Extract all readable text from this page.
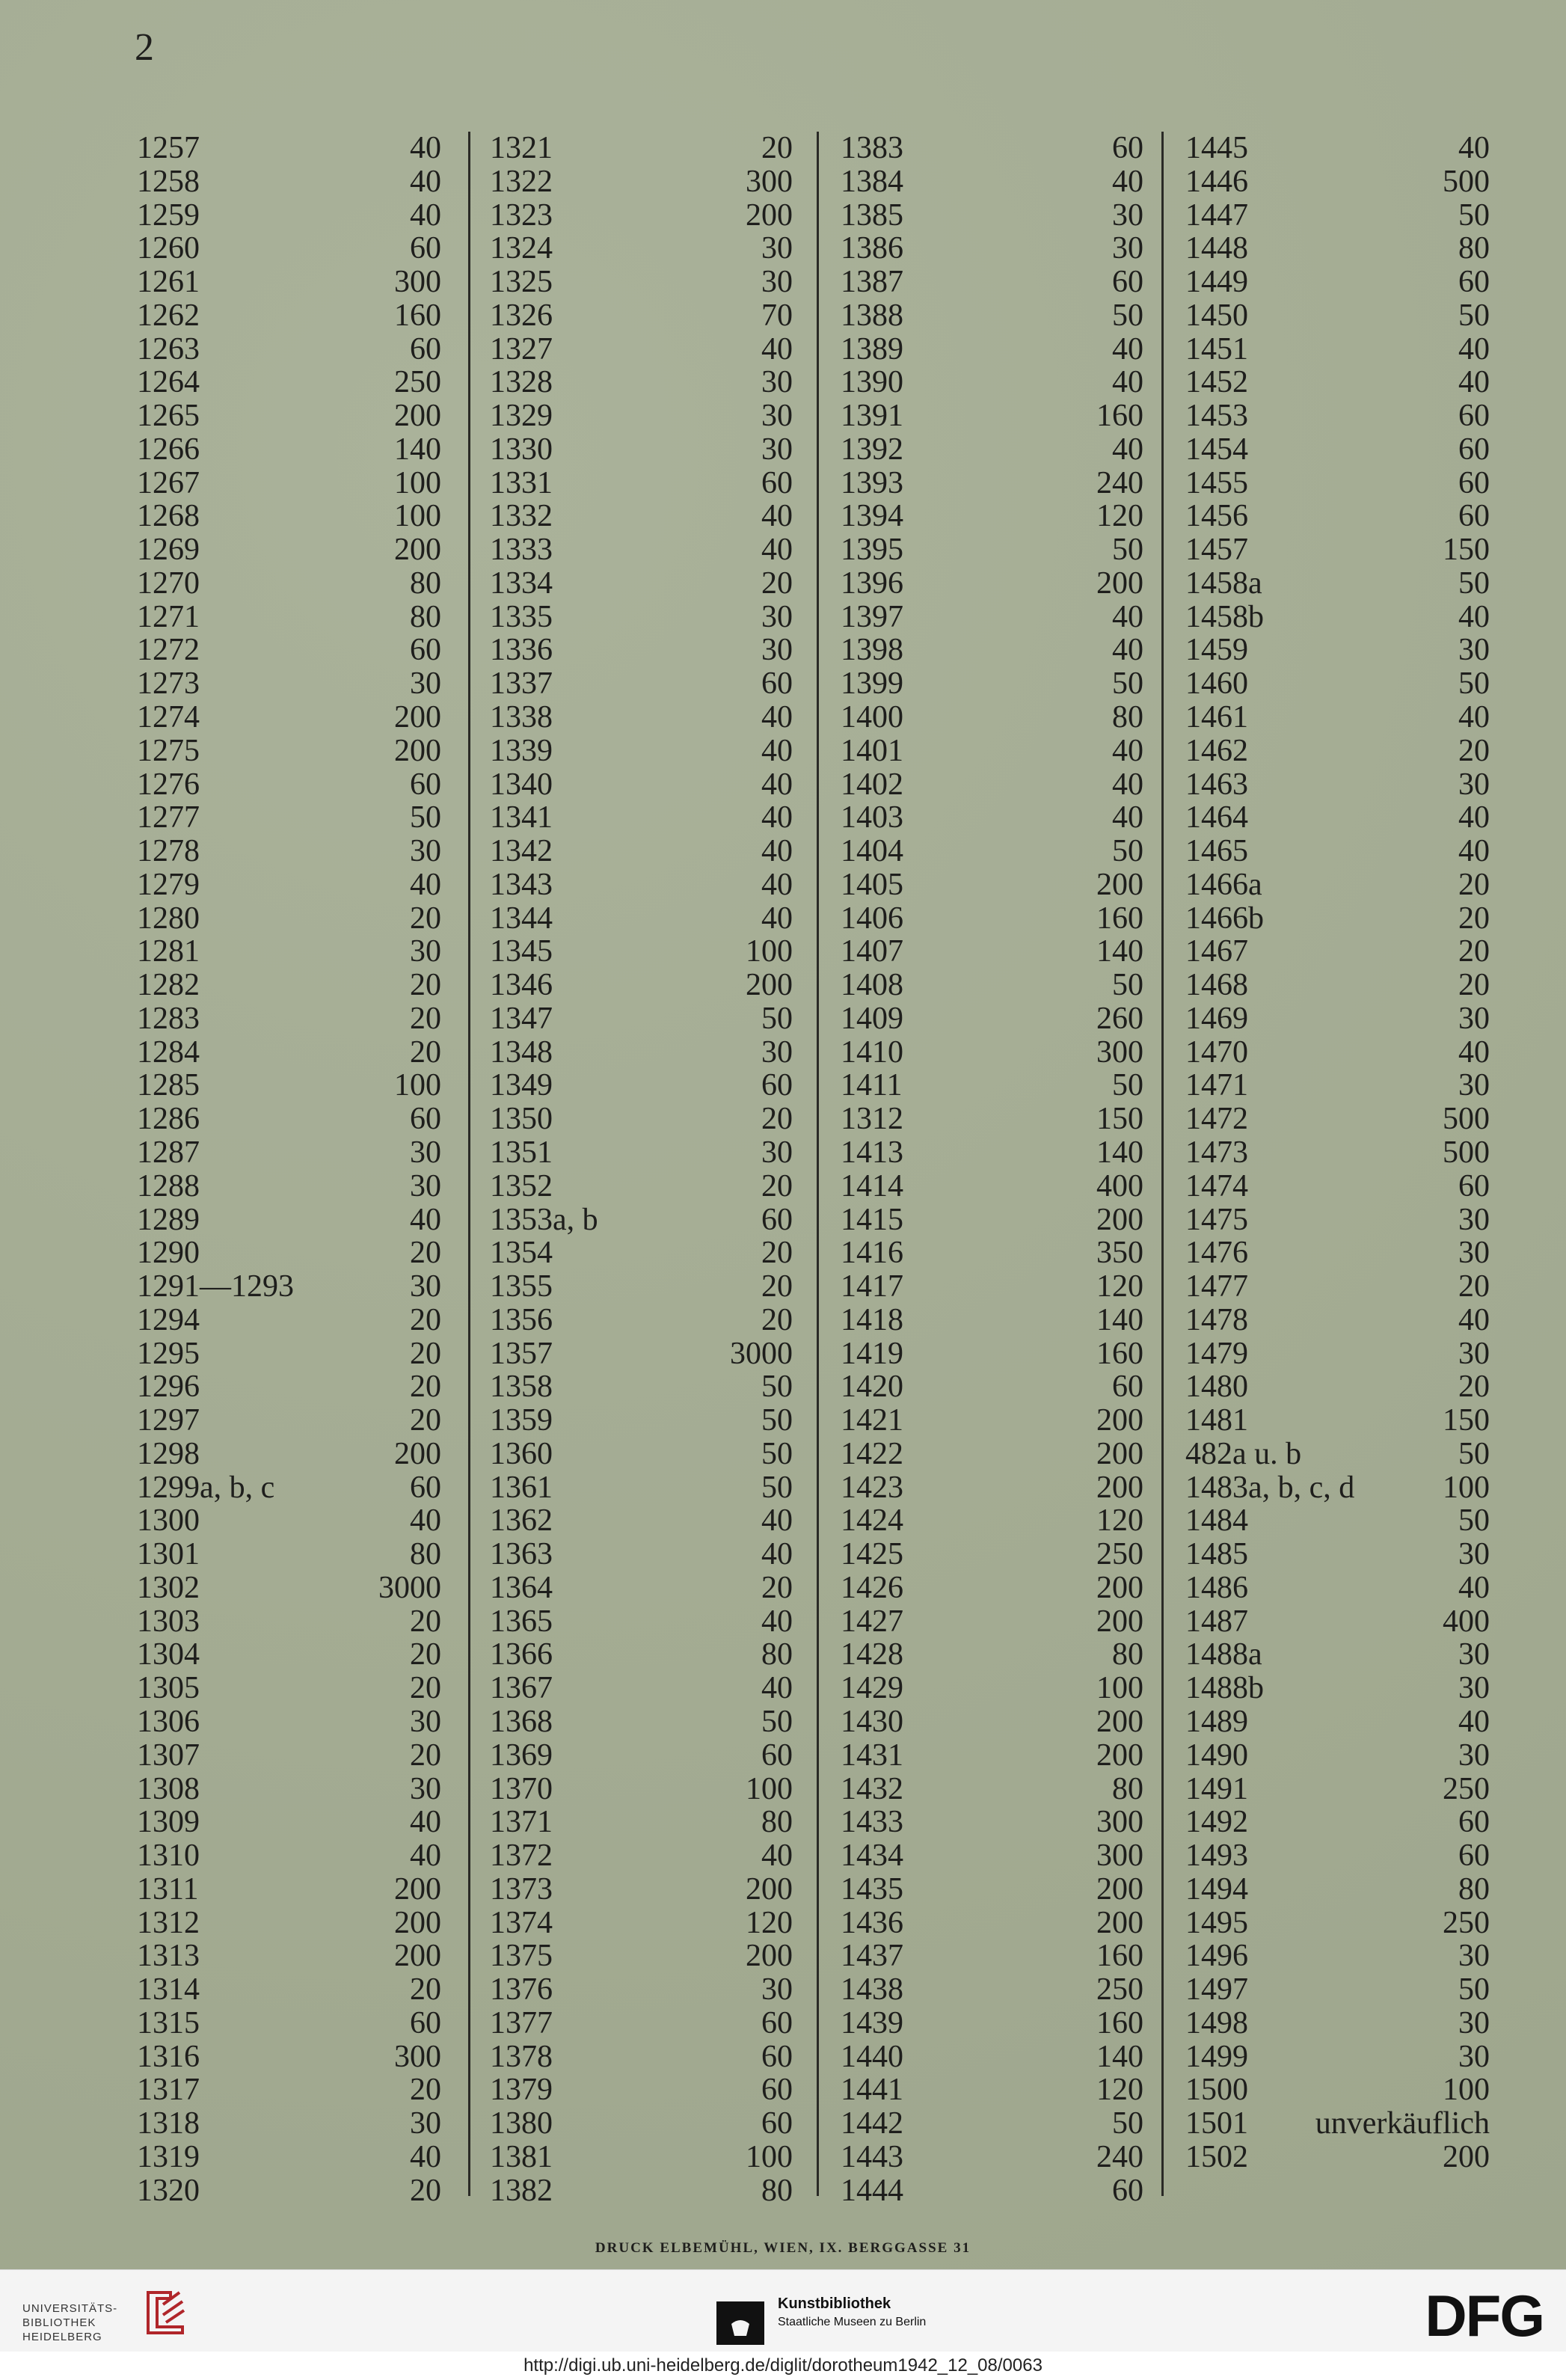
2
1257	40
1258	40
1259	40
1260	60
1261	300
1262	160
1263	60
1264	250
1265	200
1266	140
1267	100
1268	100
1269	200
1270	80
1271	80
1272	60
1273	30
1274	200
1275	200
1276	60
1277	50
1278	30
1279	40
1280	20
1281	30
1282	20
1283	20
1284	20
1285	100
1286	60
1287	30
1288	30
1289	40
1290	20
1291—1293	30
1294	20
1295	20
1296	20
1297	20
1298	200
1299a, b, c	60
1300	40
1301	80
1302	3000
1303	20
1304	20
1305	20
1306	30
1307	20
1308	30
1309	40
1310	40
1311	200
1312	200
1313	200
1314	20
1315	60
1316	300
1317	20
1318	30
1319	40
1320	20
1321	20
1322	300
1323	200
1324	30
1325	30
1326	70
1327	40
1328	30
1329	30
1330	30
1331	60
1332	40
1333	40
1334	20
1335	30
1336	30
1337	60
1338	40
1339	40
1340	40
1341	40
1342	40
1343	40
1344	40
1345	100
1346	200
1347	50
1348	30
1349	60
1350	20
1351	30
1352	20
1353a, b	60
1354	20
1355	20
1356	20
1357	3000
1358	50
1359	50
1360	50
1361	50
1362	40
1363	40
1364	20
1365	40
1366	80
1367	40
1368	50
1369	60
1370	100
1371	80
1372	40
1373	200
1374	120
1375	200
1376	30
1377	60
1378	60
1379	60
1380	60
1381	100
1382	80
1383	60
1384	40
1385	30
1386	30
1387	60
1388	50
1389	40
1390	40
1391	160
1392	40
1393	240
1394	120
1395	50
1396	200
1397	40
1398	40
1399	50
1400	80
1401	40
1402	40
1403	40
1404	50
1405	200
1406	160
1407	140
1408	50
1409	260
1410	300
1411	50
1312	150
1413	140
1414	400
1415	200
1416	350
1417	120
1418	140
1419	160
1420	60
1421	200
1422	200
1423	200
1424	120
1425	250
1426	200
1427	200
1428	80
1429	100
1430	200
1431	200
1432	80
1433	300
1434	300
1435	200
1436	200
1437	160
1438	250
1439	160
1440	140
1441	120
1442	50
1443	240
1444	60
1445	40
1446	500
1447	50
1448	80
1449	60
1450	50
1451	40
1452	40
1453	60
1454	60
1455	60
1456	60
1457	150
1458a	50
1458b	40
1459	30
1460	50
1461	40
1462	20
1463	30
1464	40
1465	40
1466a	20
1466b	20
1467	20
1468	20
1469	30
1470	40
1471	30
1472	500
1473	500
1474	60
1475	30
1476	30
1477	20
1478	40
1479	30
1480	20
1481	150
482a u. b	50
1483a, b, c, d	100
1484	50
1485	30
1486	40
1487	400
1488a	30
1488b	30
1489	40
1490	30
1491	250
1492	60
1493	60
1494	80
1495	250
1496	30
1497	50
1498	30
1499	30
1500	100
1501 unverkäuflich
1502	200
DRUCK ELBEMÜHL, WIEN, IX. BERGGASSE 31
UNIVERSITÄTS-
BIBLIOTHEK
HEIDELBERG
Kunstbibliothek
Staatliche Museen zu Berlin	DFG
http://digi.ub.uni-heidelberg.de/diglit/dorotheum1942_12_08/0063
